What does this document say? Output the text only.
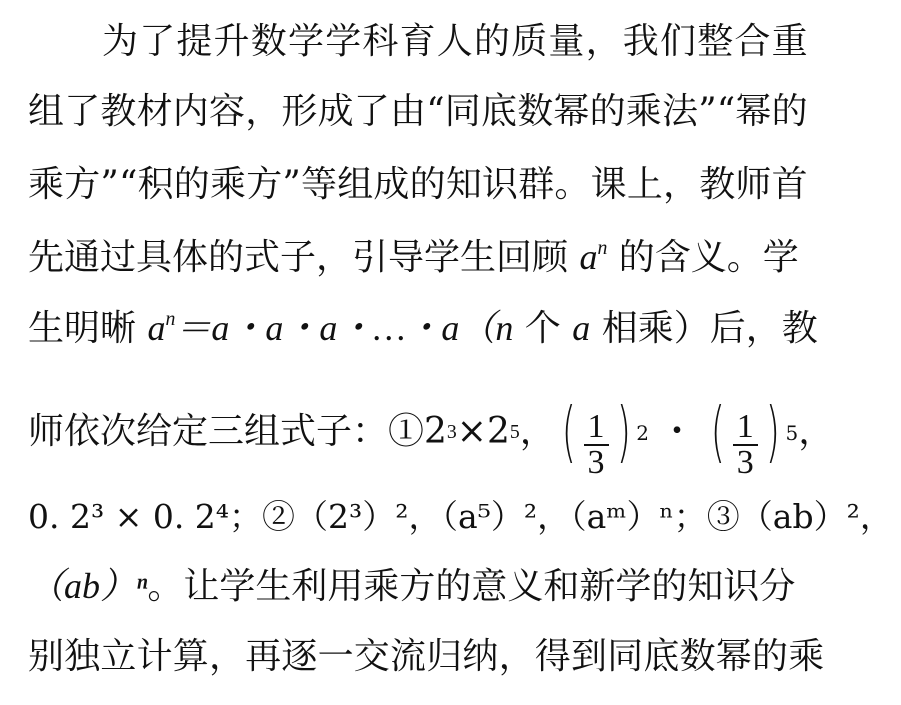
为了提升数学学科育人的质量，我们整合重
组了教材内容，形成了由“同底数幂的乘法”“幂的
乘方”“积的乘方”等组成的知识群。课上，教师首
先通过具体的式子，引导学生回顾 $a^n$ 的含义。学
生明晰 $a^n=a$・a・a・…・a（n 个 a 相乘）后，教
师依次给定三组式子：①2 3 ×2 5 ， ( $\frac{1}{3}$ ) $^2$ ・ ( $\frac{1}{3}$ ) $^5$ ，
0. 2³ × 0. 2⁴；②（2³）²，（a⁵）²，（aᵐ）ⁿ；③（ab）²，
（ab）ⁿ。让学生利用乘方的意义和新学的知识分
别独立计算，再逐一交流归纳，得到同底数幂的乘
